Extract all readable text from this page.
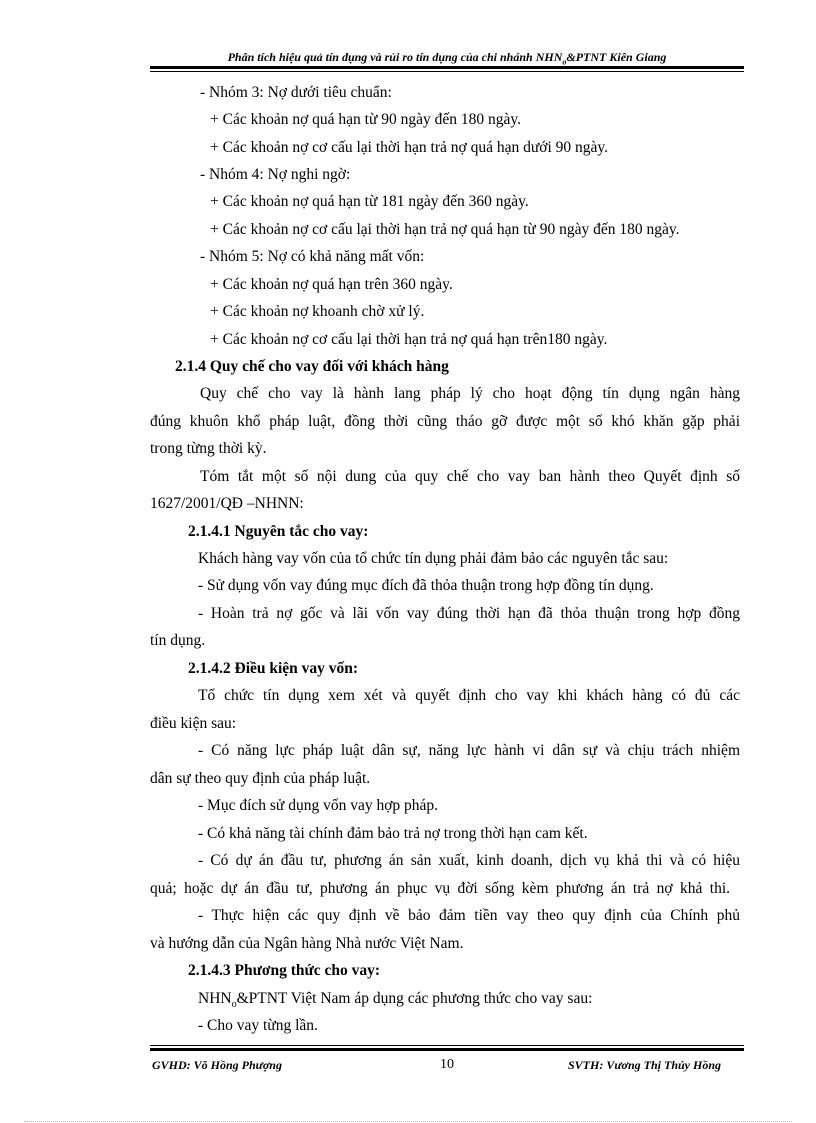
Phân tích hiệu quả tín dụng và rủi ro tín dụng của chi nhánh $NHN_o\&PTNT$ Kiên Giang
- Nhóm 3: Nợ dưới tiêu chuẩn:
+ Các khoản nợ quá hạn từ 90 ngày đến 180 ngày.
+ Các khoản nợ cơ cấu lại thời hạn trả nợ quá hạn dưới 90 ngày.
- Nhóm 4: Nợ nghi ngờ:
+ Các khoản nợ quá hạn từ 181 ngày đến 360 ngày.
+ Các khoản nợ cơ cấu lại thời hạn trả nợ quá hạn từ 90 ngày đến 180 ngày.
- Nhóm 5: Nợ có khả năng mất vốn:
+ Các khoản nợ quá hạn trên 360 ngày.
+ Các khoản nợ khoanh chờ xử lý.
+ Các khoản nợ cơ cấu lại thời hạn trả nợ quá hạn trên180 ngày.
2.1.4 Quy chế cho vay đối với khách hàng
Quy chế cho vay là hành lang pháp lý cho hoạt động tín dụng ngân hàng
đúng khuôn khổ pháp luật, đồng thời cũng tháo gỡ được một số khó khăn gặp phải
trong từng thời kỳ.
Tóm tắt một số nội dung của quy chế cho vay ban hành theo Quyết định số
1627/2001/QĐ –NHNN:
2.1.4.1 Nguyên tắc cho vay:
Khách hàng vay vốn của tổ chức tín dụng phải đảm bảo các nguyên tắc sau:
- Sử dụng vốn vay đúng mục đích đã thỏa thuận trong hợp đồng tín dụng.
- Hoàn trả nợ gốc và lãi vốn vay đúng thời hạn đã thỏa thuận trong hợp đồng
tín dụng.
2.1.4.2 Điều kiện vay vốn:
Tổ chức tín dụng xem xét và quyết định cho vay khi khách hàng có đủ các
điều kiện sau:
- Có năng lực pháp luật dân sự, năng lực hành vi dân sự và chịu trách nhiệm
dân sự theo quy định của pháp luật.
- Mục đích sử dụng vốn vay hợp pháp.
- Có khả năng tài chính đảm bảo trả nợ trong thời hạn cam kết.
- Có dự án đầu tư, phương án sản xuất, kinh doanh, dịch vụ khả thi và có hiệu
quả; hoặc dự án đầu tư, phương án phục vụ đời sống kèm phương án trả nợ khả thi.
- Thực hiện các quy định về bảo đảm tiền vay theo quy định của Chính phủ
và hướng dẫn của Ngân hàng Nhà nước Việt Nam.
2.1.4.3 Phương thức cho vay:
$NHN_o\&PTNT$ Việt Nam áp dụng các phương thức cho vay sau:
- Cho vay từng lần.
GVHD: Võ Hồng Phượng	10	SVTH: Vương Thị Thúy Hồng
